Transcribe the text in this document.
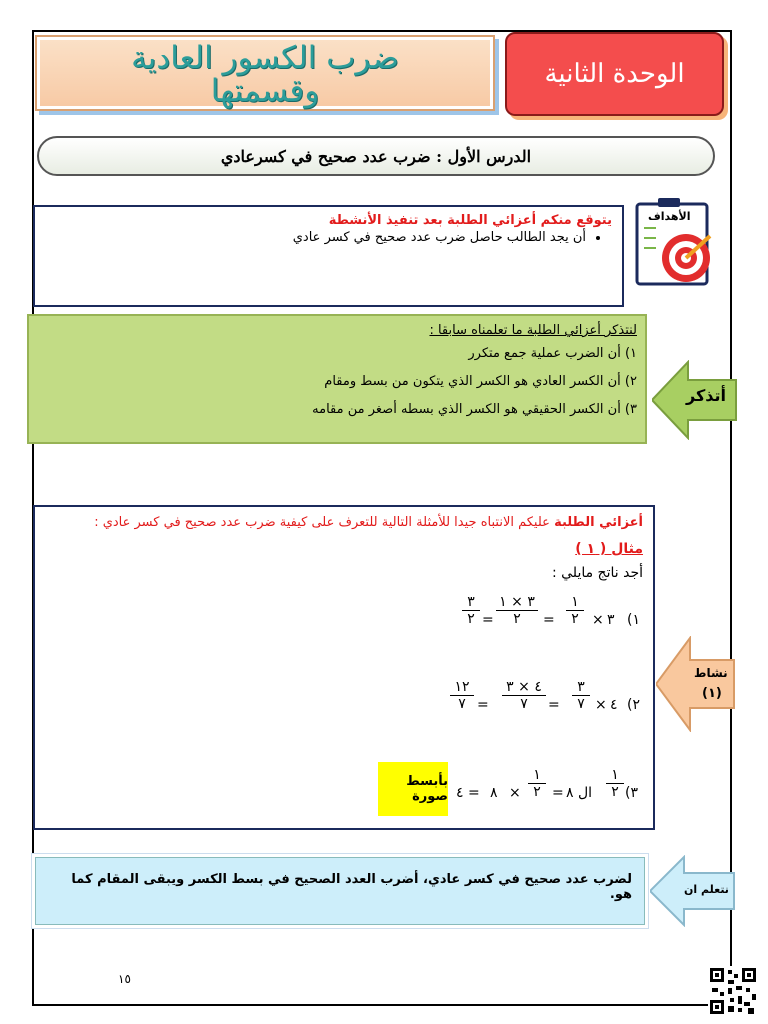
الوحدة الثانية
ضرب الكسور العادية
وقسمتها
الدرس الأول : ضرب عدد صحيح في كسرعادي
يتوقع منكم أعزائي الطلبة بعد تنفيذ الأنشطة
• أن يجد الطالب حاصل ضرب عدد صحيح في كسر عادي
الأهداف
لنتذكر أعزائي الطلبة ما تعلمناه سابقا :
١) أن الضرب عملية جمع متكرر
٢) أن الكسر العادي هو الكسر الذي يتكون من بسط ومقام
٣) أن الكسر الحقيقي هو الكسر الذي بسطه أصغر من مقامه
أتذكر
أعزائي الطلبة عليكم الانتباه جيدا للأمثلة التالية للتعرف على كيفية ضرب عدد صحيح في كسر عادي :
مثال ( ١ )
أجد ناتج مايلي :
١)
٣
×
١
٢
=
٣ × ١
٢
=
٣
٢
٢)
٤
×
٣
٧
=
٤ × ٣
٧
=
١٢
٧
٣)
١
٢
ال ٨
=
١
٢
×
٨
= ٤
بأبسط صورة
نشاط
(١)
لضرب عدد صحيح في كسر عادي، أضرب العدد الصحيح في بسط الكسر ويبقى المقام كما هو.	نتعلم ان
١٥
